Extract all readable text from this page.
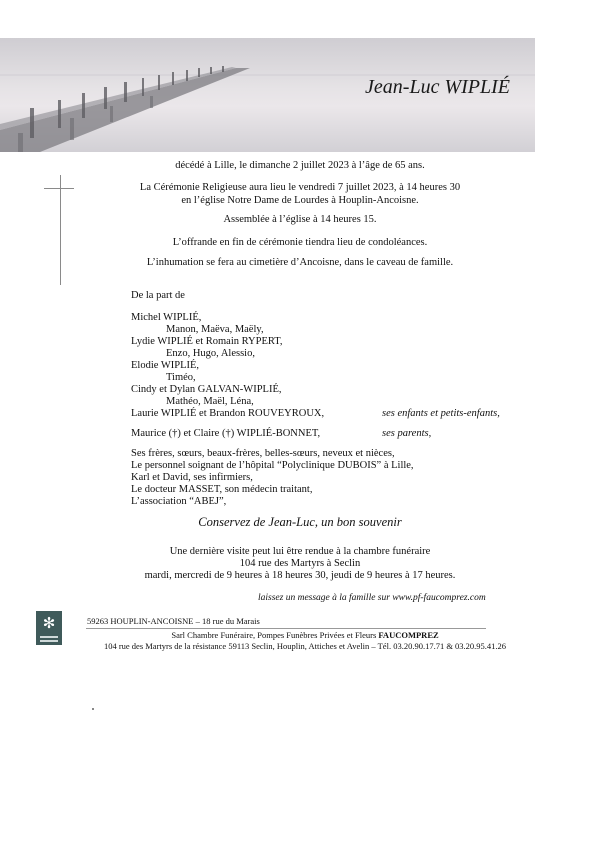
Jean-Luc WIPLIÉ
décédé à Lille, le dimanche 2 juillet 2023 à l’âge de 65 ans.
La Cérémonie Religieuse aura lieu le vendredi 7 juillet 2023, à 14 heures 30
en l’église Notre Dame de Lourdes à Houplin-Ancoisne.
Assemblée à l’église à 14 heures 15.
L’offrande en fin de cérémonie tiendra lieu de condoléances.
L’inhumation se fera au cimetière d’Ancoisne, dans le caveau de famille.
De la part de
Michel WIPLIÉ,
Manon, Maëva, Maëly,
Lydie WIPLIÉ et Romain RYPERT,
Enzo, Hugo, Alessio,
Elodie WIPLIÉ,
Timéo,
Cindy et Dylan GALVAN-WIPLIÉ,
Mathéo, Maël, Léna,
Laurie WIPLIÉ et Brandon ROUVEYROUX,	ses enfants et petits-enfants,
Maurice (†) et Claire (†) WIPLIÉ-BONNET,	ses parents,
Ses frères, sœurs, beaux-frères, belles-sœurs, neveux et nièces,
Le personnel soignant de l’hôpital “Polyclinique DUBOIS” à Lille,
Karl et David, ses infirmiers,
Le docteur MASSET, son médecin traitant,
L’association “ABEJ”,
Conservez de Jean-Luc, un bon souvenir
Une dernière visite peut lui être rendue à la chambre funéraire
104 rue des Martyrs à Seclin
mardi, mercredi de 9 heures à 18 heures 30, jeudi de 9 heures à 17 heures.
laissez un message à la famille sur www.pf-faucomprez.com
✻	59263 HOUPLIN-ANCOISNE – 18 rue du Marais
Sarl Chambre Funéraire, Pompes Funèbres Privées et Fleurs FAUCOMPREZ
104 rue des Martyrs de la résistance 59113 Seclin, Houplin, Attiches et Avelin – Tél. 03.20.90.17.71 & 03.20.95.41.26
